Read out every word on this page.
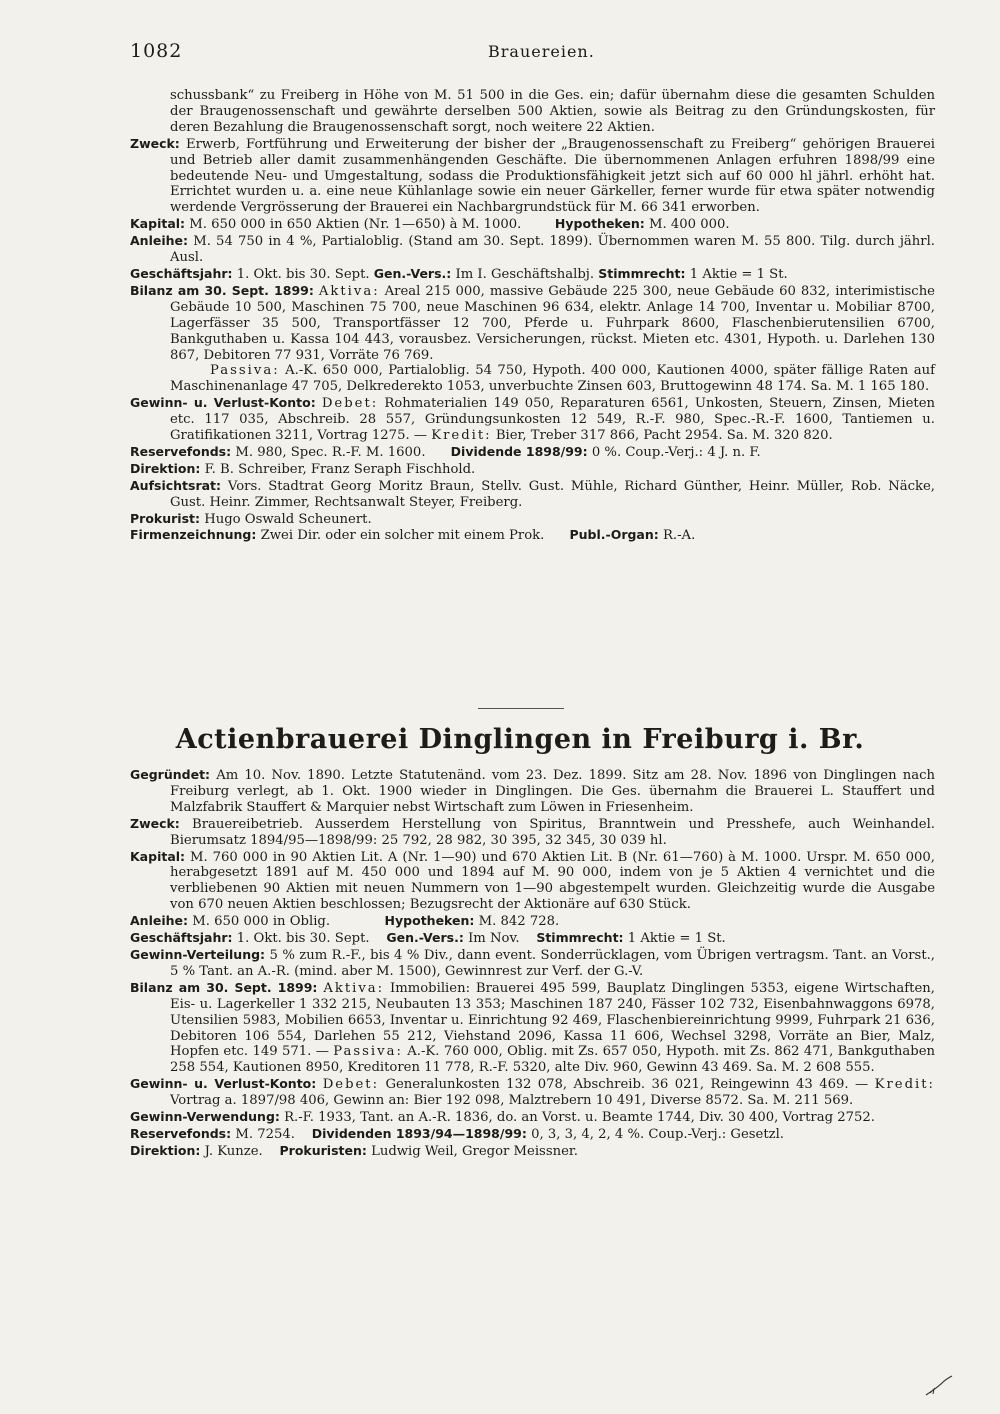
1082	Brauereien.

schussbank“ zu Freiberg in Höhe von M. 51 500 in die Ges. ein; dafür übernahm diese die gesamten Schulden der Braugenossenschaft und gewährte derselben 500 Aktien, sowie als Beitrag zu den Gründungskosten, für deren Bezahlung die Braugenossenschaft sorgt, noch weitere 22 Aktien.

Zweck: Erwerb, Fortführung und Erweiterung der bisher der „Braugenossenschaft zu Freiberg“ gehörigen Brauerei und Betrieb aller damit zusammenhängenden Geschäfte. Die übernommenen Anlagen erfuhren 1898/99 eine bedeutende Neu- und Umgestaltung, sodass die Produktionsfähigkeit jetzt sich auf 60 000 hl jährl. erhöht hat. Errichtet wurden u. a. eine neue Kühlanlage sowie ein neuer Gärkeller, ferner wurde für etwa später notwendig werdende Vergrösserung der Brauerei ein Nachbargrundstück für M. 66 341 erworben.

Kapital: M. 650 000 in 650 Aktien (Nr. 1—650) à M. 1000.	Hypotheken: M. 400 000.

Anleihe: M. 54 750 in 4 %, Partialoblig. (Stand am 30. Sept. 1899). Übernommen waren M. 55 800. Tilg. durch jährl. Ausl.

Geschäftsjahr: 1. Okt. bis 30. Sept. Gen.-Vers.: Im I. Geschäftshalbj. Stimmrecht: 1 Aktie = 1 St.

Bilanz am 30. Sept. 1899: Aktiva: Areal 215 000, massive Gebäude 225 300, neue Gebäude 60 832, interimistische Gebäude 10 500, Maschinen 75 700, neue Maschinen 96 634, elektr. Anlage 14 700, Inventar u. Mobiliar 8700, Lagerfässer 35 500, Transportfässer 12 700, Pferde u. Fuhrpark 8600, Flaschenbierutensilien 6700, Bankguthaben u. Kassa 104 443, vorausbez. Versicherungen, rückst. Mieten etc. 4301, Hypoth. u. Darlehen 130 867, Debitoren 77 931, Vorräte 76 769.

Passiva: A.-K. 650 000, Partialoblig. 54 750, Hypoth. 400 000, Kautionen 4000, später fällige Raten auf Maschinenanlage 47 705, Delkrederekto 1053, unverbuchte Zinsen 603, Bruttogewinn 48 174. Sa. M. 1 165 180.

Gewinn- u. Verlust-Konto: Debet: Rohmaterialien 149 050, Reparaturen 6561, Unkosten, Steuern, Zinsen, Mieten etc. 117 035, Abschreib. 28 557, Gründungsunkosten 12 549, R.-F. 980, Spec.-R.-F. 1600, Tantiemen u. Gratifikationen 3211, Vortrag 1275. — Kredit: Bier, Treber 317 866, Pacht 2954. Sa. M. 320 820.

Reservefonds: M. 980, Spec. R.-F. M. 1600. Dividende 1898/99: 0 %. Coup.-Verj.: 4 J. n. F.

Direktion: F. B. Schreiber, Franz Seraph Fischhold.

Aufsichtsrat: Vors. Stadtrat Georg Moritz Braun, Stellv. Gust. Mühle, Richard Günther, Heinr. Müller, Rob. Näcke, Gust. Heinr. Zimmer, Rechtsanwalt Steyer, Freiberg.

Prokurist: Hugo Oswald Scheunert.

Firmenzeichnung: Zwei Dir. oder ein solcher mit einem Prok. Publ.-Organ: R.-A.

Actienbrauerei Dinglingen in Freiburg i. Br.

Gegründet: Am 10. Nov. 1890. Letzte Statutenänd. vom 23. Dez. 1899. Sitz am 28. Nov. 1896 von Dinglingen nach Freiburg verlegt, ab 1. Okt. 1900 wieder in Dinglingen. Die Ges. übernahm die Brauerei L. Stauffert und Malzfabrik Stauffert & Marquier nebst Wirtschaft zum Löwen in Friesenheim.

Zweck: Brauereibetrieb. Ausserdem Herstellung von Spiritus, Branntwein und Presshefe, auch Weinhandel. Bierumsatz 1894/95—1898/99: 25 792, 28 982, 30 395, 32 345, 30 039 hl.

Kapital: M. 760 000 in 90 Aktien Lit. A (Nr. 1—90) und 670 Aktien Lit. B (Nr. 61—760) à M. 1000. Urspr. M. 650 000, herabgesetzt 1891 auf M. 450 000 und 1894 auf M. 90 000, indem von je 5 Aktien 4 vernichtet und die verbliebenen 90 Aktien mit neuen Nummern von 1—90 abgestempelt wurden. Gleichzeitig wurde die Ausgabe von 670 neuen Aktien beschlossen; Bezugsrecht der Aktionäre auf 630 Stück.

Anleihe: M. 650 000 in Oblig.	Hypotheken: M. 842 728.

Geschäftsjahr: 1. Okt. bis 30. Sept. Gen.-Vers.: Im Nov. Stimmrecht: 1 Aktie = 1 St.

Gewinn-Verteilung: 5 % zum R.-F., bis 4 % Div., dann event. Sonderrücklagen, vom Übrigen vertragsm. Tant. an Vorst., 5 % Tant. an A.-R. (mind. aber M. 1500), Gewinnrest zur Verf. der G.-V.

Bilanz am 30. Sept. 1899: Aktiva: Immobilien: Brauerei 495 599, Bauplatz Dinglingen 5353, eigene Wirtschaften, Eis- u. Lagerkeller 1 332 215, Neubauten 13 353; Maschinen 187 240, Fässer 102 732, Eisenbahnwaggons 6978, Utensilien 5983, Mobilien 6653, Inventar u. Einrichtung 92 469, Flaschenbiereinrichtung 9999, Fuhrpark 21 636, Debitoren 106 554, Darlehen 55 212, Viehstand 2096, Kassa 11 606, Wechsel 3298, Vorräte an Bier, Malz, Hopfen etc. 149 571. — Passiva: A.-K. 760 000, Oblig. mit Zs. 657 050, Hypoth. mit Zs. 862 471, Bankguthaben 258 554, Kautionen 8950, Kreditoren 11 778, R.-F. 5320, alte Div. 960, Gewinn 43 469. Sa. M. 2 608 555.

Gewinn- u. Verlust-Konto: Debet: Generalunkosten 132 078, Abschreib. 36 021, Reingewinn 43 469. — Kredit: Vortrag a. 1897/98 406, Gewinn an: Bier 192 098, Malztrebern 10 491, Diverse 8572. Sa. M. 211 569.

Gewinn-Verwendung: R.-F. 1933, Tant. an A.-R. 1836, do. an Vorst. u. Beamte 1744, Div. 30 400, Vortrag 2752.

Reservefonds: M. 7254. Dividenden 1893/94—1898/99: 0, 3, 3, 4, 2, 4 %. Coup.-Verj.: Gesetzl.

Direktion: J. Kunze. Prokuristen: Ludwig Weil, Gregor Meissner.
